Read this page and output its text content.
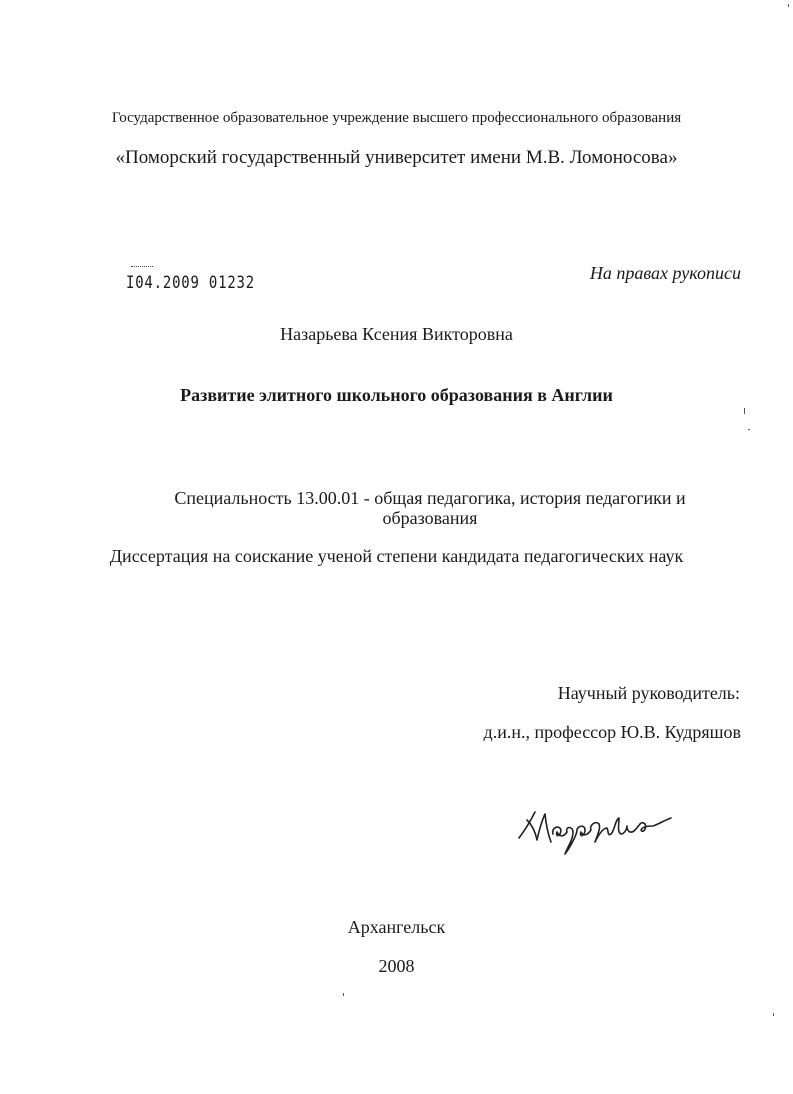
Государственное образовательное учреждение высшего профессионального образования
«Поморский государственный университет имени М.В. Ломоносова»
I04.2009 01232	На правах рукописи
Назарьева Ксения Викторовна
Развитие элитного школьного образования в Англии
Специальность 13.00.01 - общая педагогика, история педагогики и
образования
Диссертация на соискание ученой степени кандидата педагогических наук
Научный руководитель:
д.и.н., профессор Ю.В. Кудряшов
Архангельск
2008
